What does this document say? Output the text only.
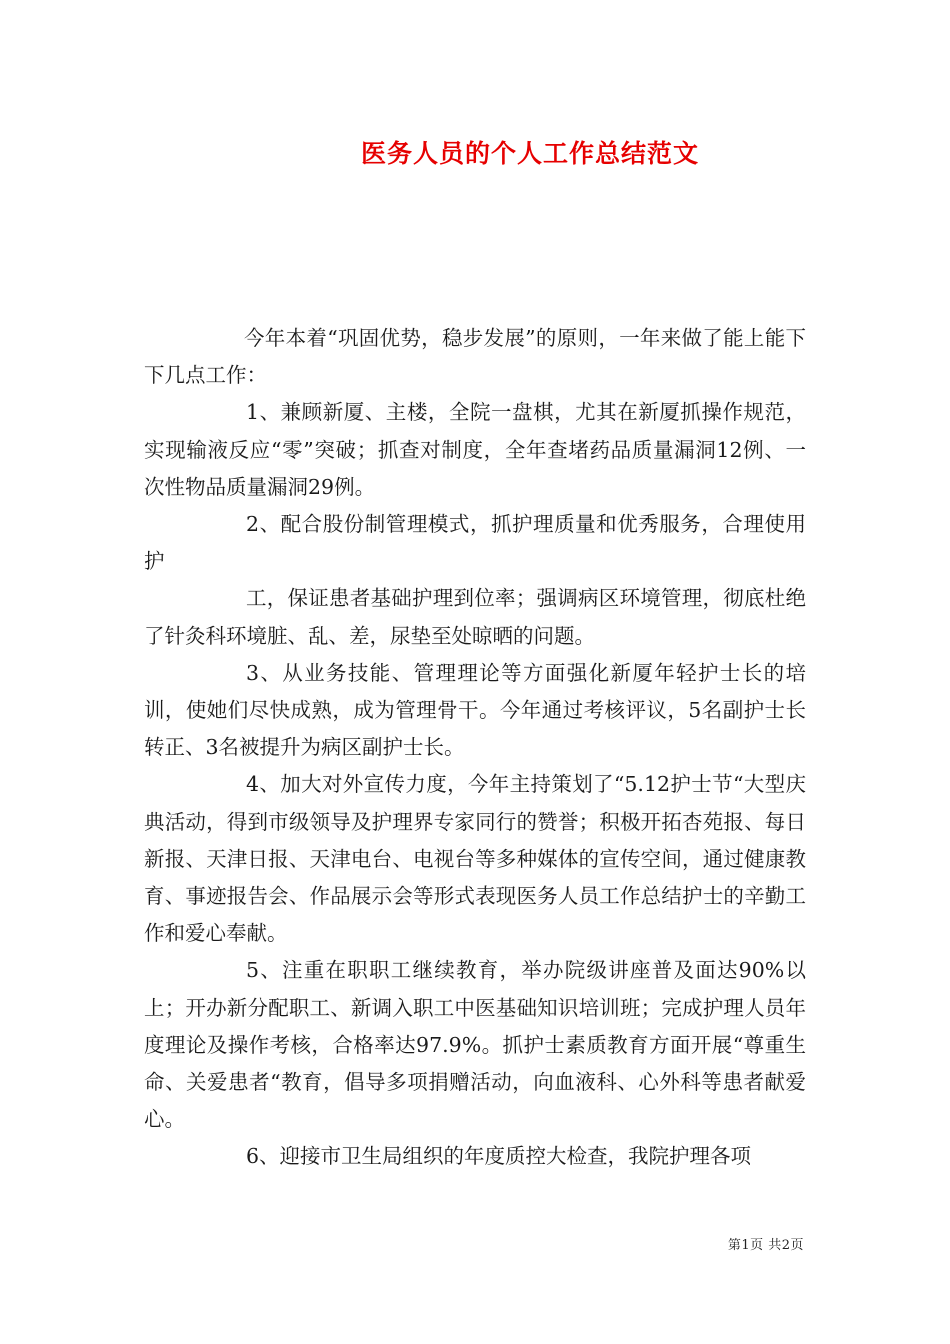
医务人员的个人工作总结范文

今年本着“巩固优势，稳步发展”的原则，一年来做了能上能下下几点工作：

1、兼顾新厦、主楼，全院一盘棋，尤其在新厦抓操作规范，实现输液反应“零”突破；抓查对制度，全年查堵药品质量漏洞12例、一次性物品质量漏洞29例。

2、配合股份制管理模式，抓护理质量和优秀服务，合理使用护

工，保证患者基础护理到位率；强调病区环境管理，彻底杜绝了针灸科环境脏、乱、差，尿垫至处晾晒的问题。

3、从业务技能、管理理论等方面强化新厦年轻护士长的培训，使她们尽快成熟，成为管理骨干。今年通过考核评议，5名副护士长转正、3名被提升为病区副护士长。

4、加大对外宣传力度，今年主持策划了“5.12护士节“大型庆典活动，得到市级领导及护理界专家同行的赞誉；积极开拓杏苑报、每日新报、天津日报、天津电台、电视台等多种媒体的宣传空间，通过健康教育、事迹报告会、作品展示会等形式表现医务人员工作总结护士的辛勤工作和爱心奉献。

5、注重在职职工继续教育，举办院级讲座普及面达90%以上；开办新分配职工、新调入职工中医基础知识培训班；完成护理人员年度理论及操作考核，合格率达97.9%。抓护士素质教育方面开展“尊重生命、关爱患者“教育，倡导多项捐赠活动，向血液科、心外科等患者献爱心。

6、迎接市卫生局组织的年度质控大检查，我院护理各项

第1页 共2页
